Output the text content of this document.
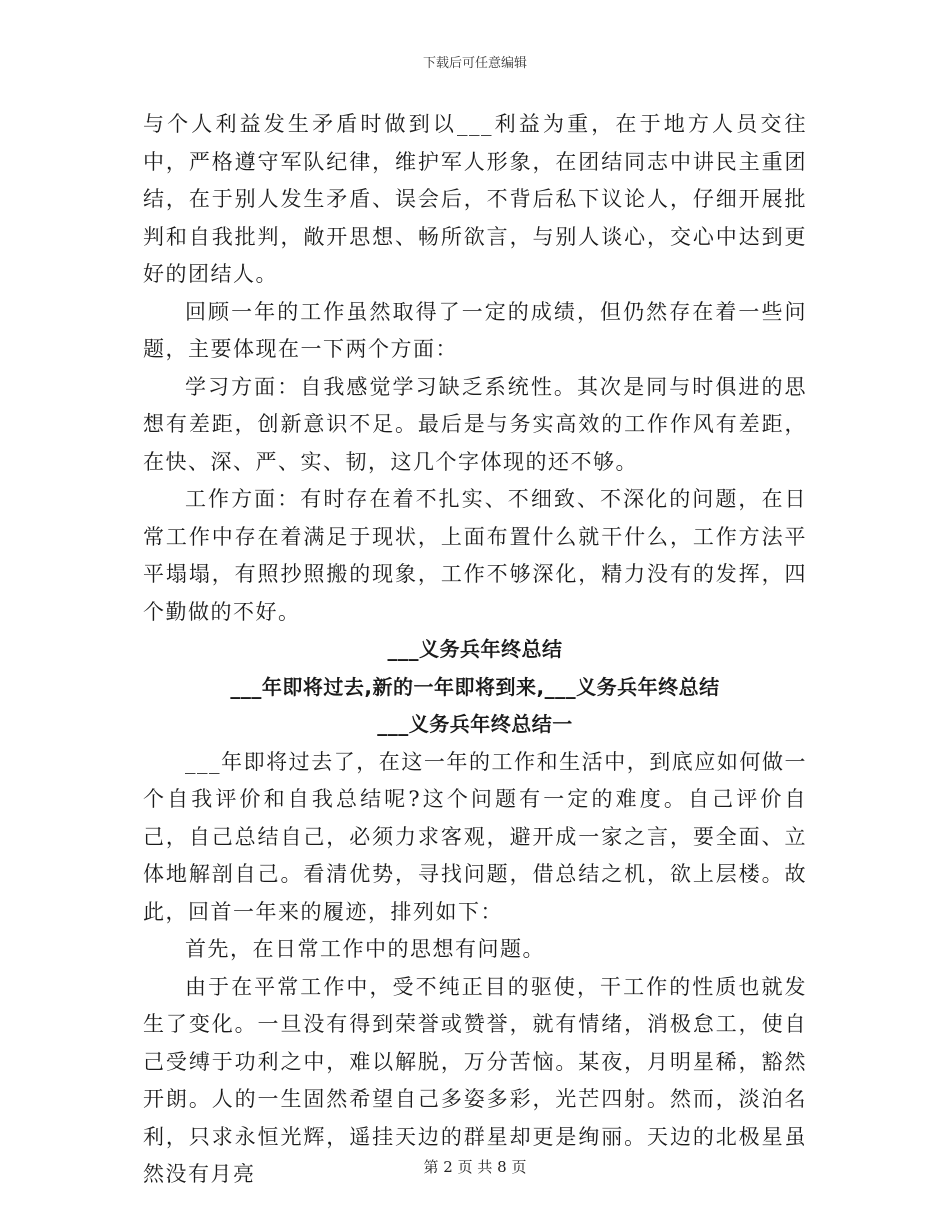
下载后可任意编辑

与个人利益发生矛盾时做到以___利益为重，在于地方人员交往中，严格遵守军队纪律，维护军人形象，在团结同志中讲民主重团结，在于别人发生矛盾、误会后，不背后私下议论人，仔细开展批判和自我批判，敞开思想、畅所欲言，与别人谈心，交心中达到更好的团结人。

回顾一年的工作虽然取得了一定的成绩，但仍然存在着一些问题，主要体现在一下两个方面：

学习方面：自我感觉学习缺乏系统性。其次是同与时俱进的思想有差距，创新意识不足。最后是与务实高效的工作作风有差距，在快、深、严、实、韧，这几个字体现的还不够。

工作方面：有时存在着不扎实、不细致、不深化的问题，在日常工作中存在着满足于现状，上面布置什么就干什么，工作方法平平塌塌，有照抄照搬的现象，工作不够深化，精力没有的发挥，四个勤做的不好。

___义务兵年终总结
___年即将过去,新的一年即将到来,___义务兵年终总结
___义务兵年终总结一

___年即将过去了，在这一年的工作和生活中，到底应如何做一个自我评价和自我总结呢?这个问题有一定的难度。自己评价自己，自己总结自己，必须力求客观，避开成一家之言，要全面、立体地解剖自己。看清优势，寻找问题，借总结之机，欲上层楼。故此，回首一年来的履迹，排列如下：

首先，在日常工作中的思想有问题。

由于在平常工作中，受不纯正目的驱使，干工作的性质也就发生了变化。一旦没有得到荣誉或赞誉，就有情绪，消极怠工，使自己受缚于功利之中，难以解脱，万分苦恼。某夜，月明星稀，豁然开朗。人的一生固然希望自己多姿多彩，光芒四射。然而，淡泊名利，只求永恒光辉，遥挂天边的群星却更是绚丽。天边的北极星虽然没有月亮	第 2 页 共 8 页
